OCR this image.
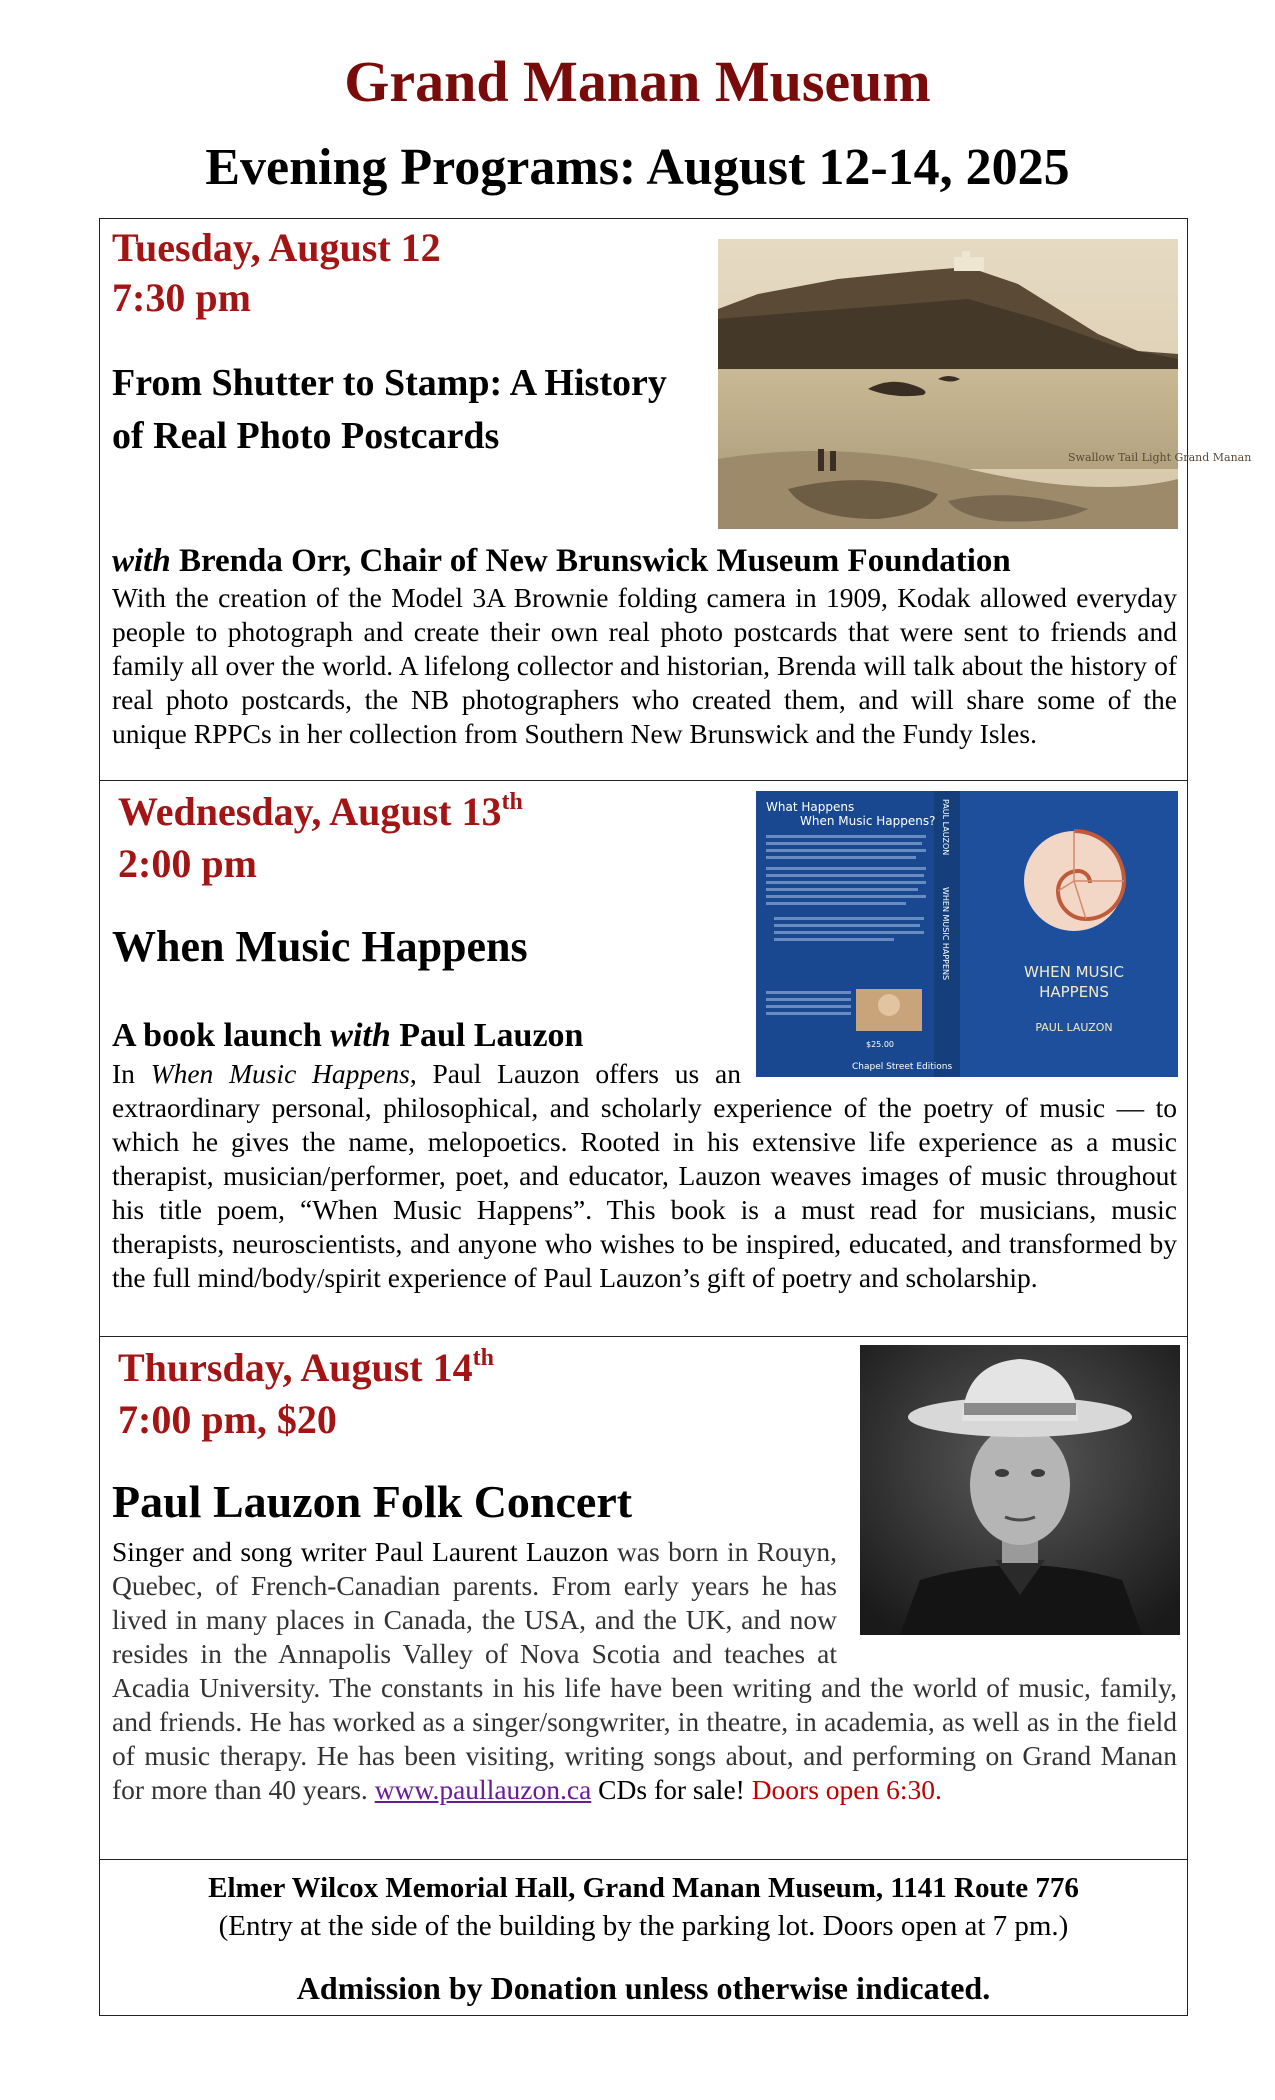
Grand Manan Museum
Evening Programs: August 12-14, 2025
Tuesday, August 12
7:30 pm
From Shutter to Stamp: A History of Real Photo Postcards
Swallow Tail Light Grand Manan
with Brenda Orr, Chair of New Brunswick Museum Foundation

With the creation of the Model 3A Brownie folding camera in 1909, Kodak allowed everyday people to photograph and create their own real photo postcards that were sent to friends and family all over the world. A lifelong collector and historian, Brenda will talk about the history of real photo postcards, the NB photographers who created them, and will share some of the unique RPPCs in her collection from Southern New Brunswick and the Fundy Isles.

Wednesday, August 13th
2:00 pm
When Music Happens
What Happens
When Music Happens?
$25.00
Chapel Street Editions
PAUL LAUZON
WHEN MUSIC HAPPENS	WHEN MUSIC
HAPPENS
PAUL LAUZON
A book launch with Paul Lauzon

In When Music Happens, Paul Lauzon offers us an extraordinary personal, philosophical, and scholarly experience of the poetry of music — to which he gives the name, melopoetics. Rooted in his extensive life experience as a music therapist, musician/performer, poet, and educator, Lauzon weaves images of music throughout his title poem, “When Music Happens”. This book is a must read for musicians, music therapists, neuroscientists, and anyone who wishes to be inspired, educated, and transformed by the full mind/body/spirit experience of Paul Lauzon’s gift of poetry and scholarship.

Thursday, August 14th
7:00 pm, $20
Paul Lauzon Folk Concert

Singer and song writer Paul Laurent Lauzon was born in Rouyn, Quebec, of French-Canadian parents. From early years he has lived in many places in Canada, the USA, and the UK, and now resides in the Annapolis Valley of Nova Scotia and teaches at Acadia University. The constants in his life have been writing and the world of music, family, and friends. He has worked as a singer/songwriter, in theatre, in academia, as well as in the field of music therapy. He has been visiting, writing songs about, and performing on Grand Manan for more than 40 years. www.paullauzon.ca CDs for sale! Doors open 6:30.

Elmer Wilcox Memorial Hall, Grand Manan Museum, 1141 Route 776
(Entry at the side of the building by the parking lot. Doors open at 7 pm.)
Admission by Donation unless otherwise indicated.
